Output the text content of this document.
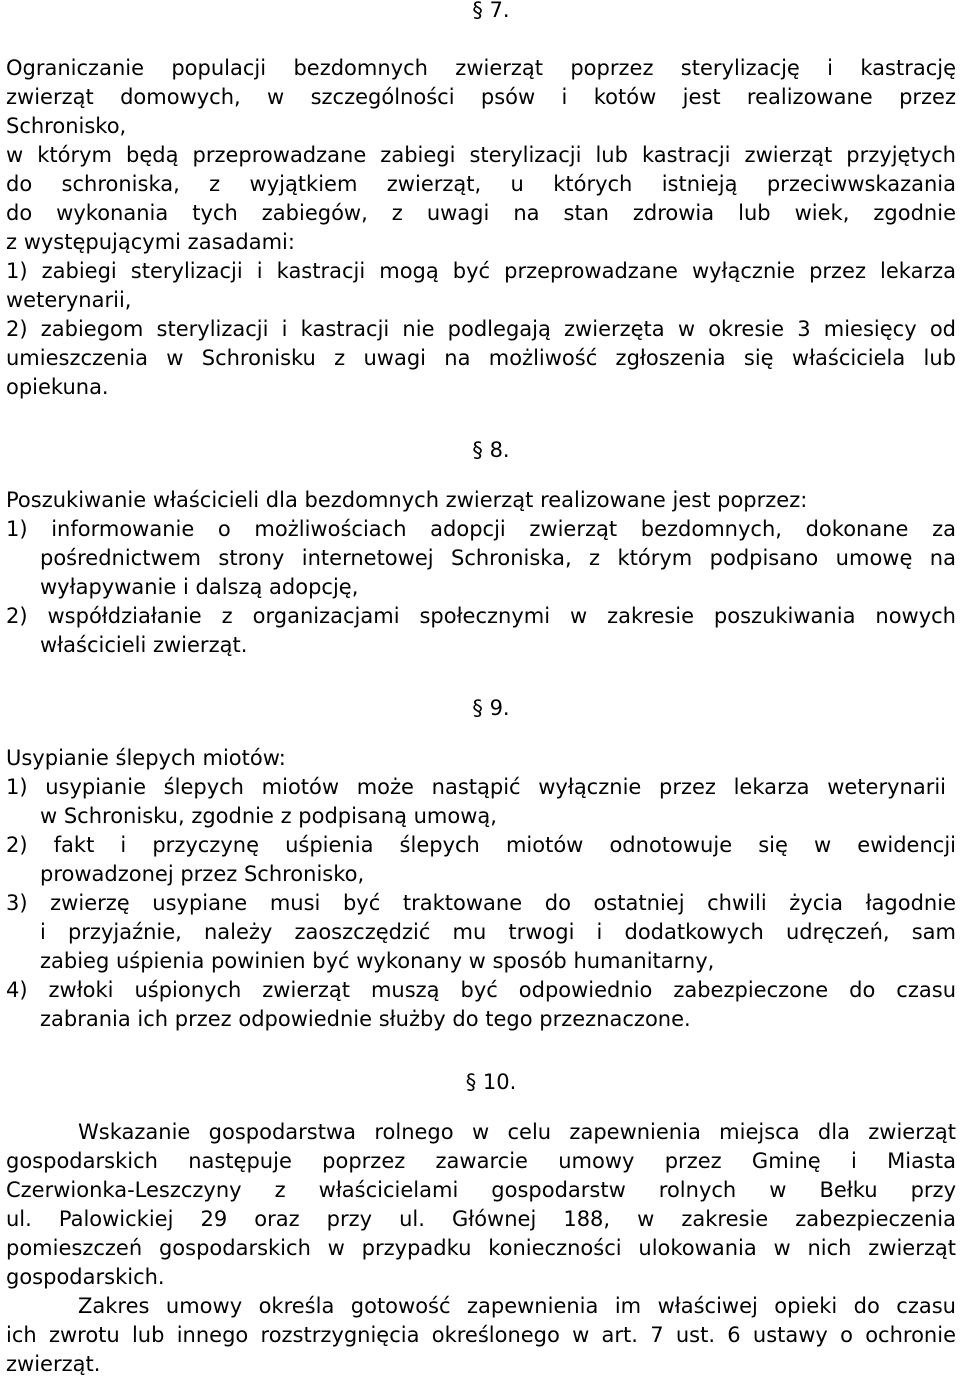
§ 7.
Ograniczanie populacji bezdomnych zwierząt poprzez sterylizację i kastrację
zwierząt domowych, w szczególności psów i kotów jest realizowane przez
Schronisko,
w którym będą przeprowadzane zabiegi sterylizacji lub kastracji zwierząt przyjętych
do schroniska, z wyjątkiem zwierząt, u których istnieją przeciwwskazania
do wykonania tych zabiegów, z uwagi na stan zdrowia lub wiek, zgodnie
z występującymi zasadami:
1) zabiegi sterylizacji i kastracji mogą być przeprowadzane wyłącznie przez lekarza
weterynarii,
2) zabiegom sterylizacji i kastracji nie podlegają zwierzęta w okresie 3 miesięcy od
umieszczenia w Schronisku z uwagi na możliwość zgłoszenia się właściciela lub
opiekuna.
§ 8.
Poszukiwanie właścicieli dla bezdomnych zwierząt realizowane jest poprzez:
1) informowanie o możliwościach adopcji zwierząt bezdomnych, dokonane za
pośrednictwem strony internetowej Schroniska, z którym podpisano umowę na
wyłapywanie i dalszą adopcję,
2) współdziałanie z organizacjami społecznymi w zakresie poszukiwania nowych
właścicieli zwierząt.
§ 9.
Usypianie ślepych miotów:
1) usypianie ślepych miotów może nastąpić wyłącznie przez lekarza weterynarii
w Schronisku, zgodnie z podpisaną umową,
2) fakt i przyczynę uśpienia ślepych miotów odnotowuje się w ewidencji
prowadzonej przez Schronisko,
3) zwierzę usypiane musi być traktowane do ostatniej chwili życia łagodnie
i przyjaźnie, należy zaoszczędzić mu trwogi i dodatkowych udręczeń, sam
zabieg uśpienia powinien być wykonany w sposób humanitarny,
4) zwłoki uśpionych zwierząt muszą być odpowiednio zabezpieczone do czasu
zabrania ich przez odpowiednie służby do tego przeznaczone.
§ 10.
Wskazanie gospodarstwa rolnego w celu zapewnienia miejsca dla zwierząt
gospodarskich następuje poprzez zawarcie umowy przez Gminę i Miasta
Czerwionka-Leszczyny z właścicielami gospodarstw rolnych w Bełku przy
ul. Palowickiej 29 oraz przy ul. Głównej 188, w zakresie zabezpieczenia
pomieszczeń gospodarskich w przypadku konieczności ulokowania w nich zwierząt
gospodarskich.
Zakres umowy określa gotowość zapewnienia im właściwej opieki do czasu
ich zwrotu lub innego rozstrzygnięcia określonego w art. 7 ust. 6 ustawy o ochronie
zwierząt.
